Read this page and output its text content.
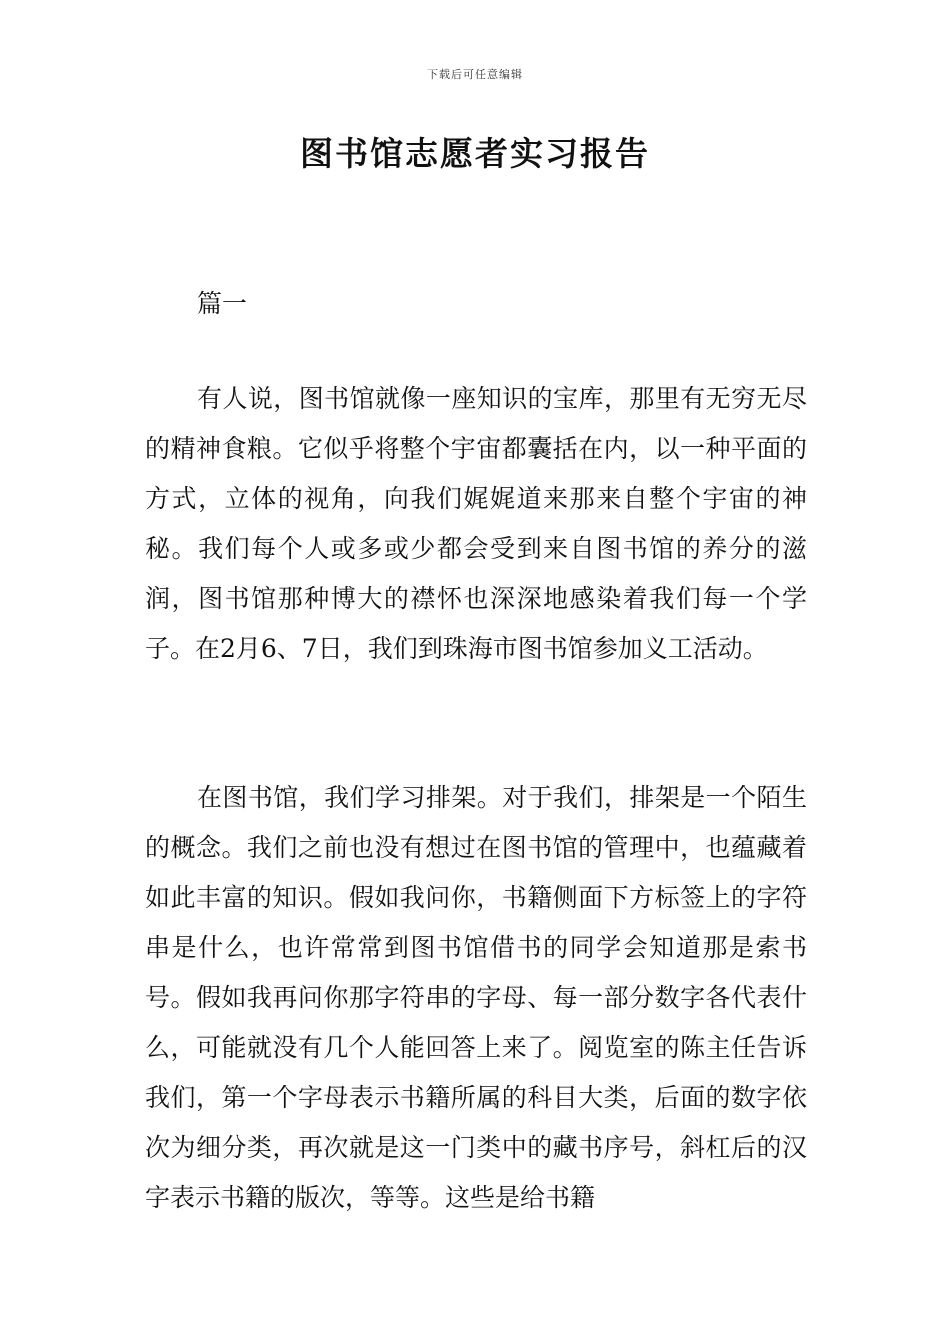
下载后可任意编辑
图书馆志愿者实习报告
篇一

有人说，图书馆就像一座知识的宝库，那里有无穷无尽的精神食粮。它似乎将整个宇宙都囊括在内，以一种平面的方式，立体的视角，向我们娓娓道来那来自整个宇宙的神秘。我们每个人或多或少都会受到来自图书馆的养分的滋润，图书馆那种博大的襟怀也深深地感染着我们每一个学子。在2月6、7日，我们到珠海市图书馆参加义工活动。

在图书馆，我们学习排架。对于我们，排架是一个陌生的概念。我们之前也没有想过在图书馆的管理中，也蕴藏着如此丰富的知识。假如我问你，书籍侧面下方标签上的字符串是什么，也许常常到图书馆借书的同学会知道那是索书号。假如我再问你那字符串的字母、每一部分数字各代表什么，可能就没有几个人能回答上来了。阅览室的陈主任告诉我们，第一个字母表示书籍所属的科目大类，后面的数字依次为细分类，再次就是这一门类中的藏书序号，斜杠后的汉字表示书籍的版次，等等。这些是给书籍
